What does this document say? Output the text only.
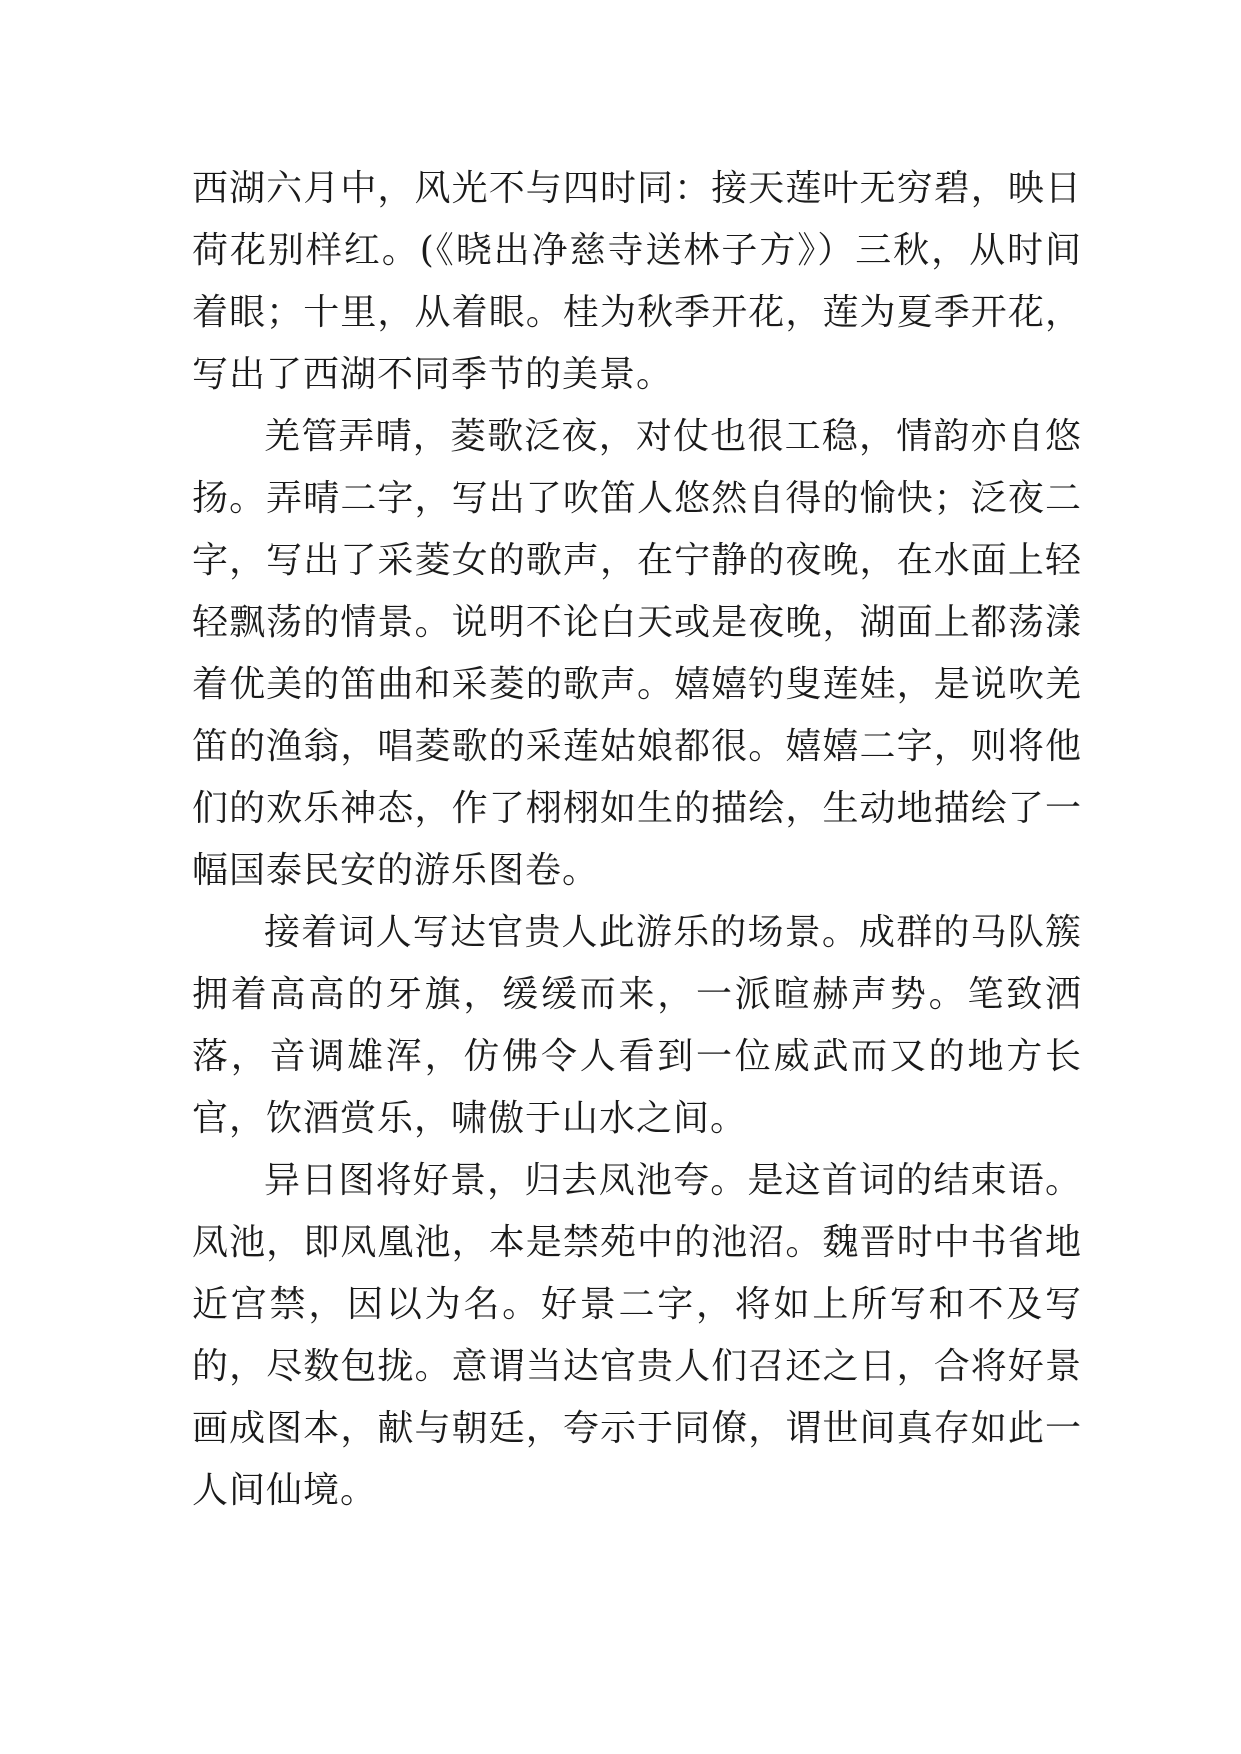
西湖六月中，风光不与四时同：接天莲叶无穷碧，映日荷花别样红。(《晓出净慈寺送林子方》）三秋，从时间着眼；十里，从着眼。桂为秋季开花，莲为夏季开花，写出了西湖不同季节的美景。

羌管弄晴，菱歌泛夜，对仗也很工稳，情韵亦自悠扬。弄晴二字，写出了吹笛人悠然自得的愉快；泛夜二字，写出了采菱女的歌声，在宁静的夜晚，在水面上轻轻飘荡的情景。说明不论白天或是夜晚，湖面上都荡漾着优美的笛曲和采菱的歌声。嬉嬉钓叟莲娃，是说吹羌笛的渔翁，唱菱歌的采莲姑娘都很。嬉嬉二字，则将他们的欢乐神态，作了栩栩如生的描绘，生动地描绘了一幅国泰民安的游乐图卷。

接着词人写达官贵人此游乐的场景。成群的马队簇拥着高高的牙旗，缓缓而来，一派暄赫声势。笔致洒落，音调雄浑，仿佛令人看到一位威武而又的地方长官，饮酒赏乐，啸傲于山水之间。

异日图将好景，归去凤池夸。是这首词的结束语。凤池，即凤凰池，本是禁苑中的池沼。魏晋时中书省地近宫禁，因以为名。好景二字，将如上所写和不及写的，尽数包拢。意谓当达官贵人们召还之日，合将好景画成图本，献与朝廷，夸示于同僚，谓世间真存如此一人间仙境。
